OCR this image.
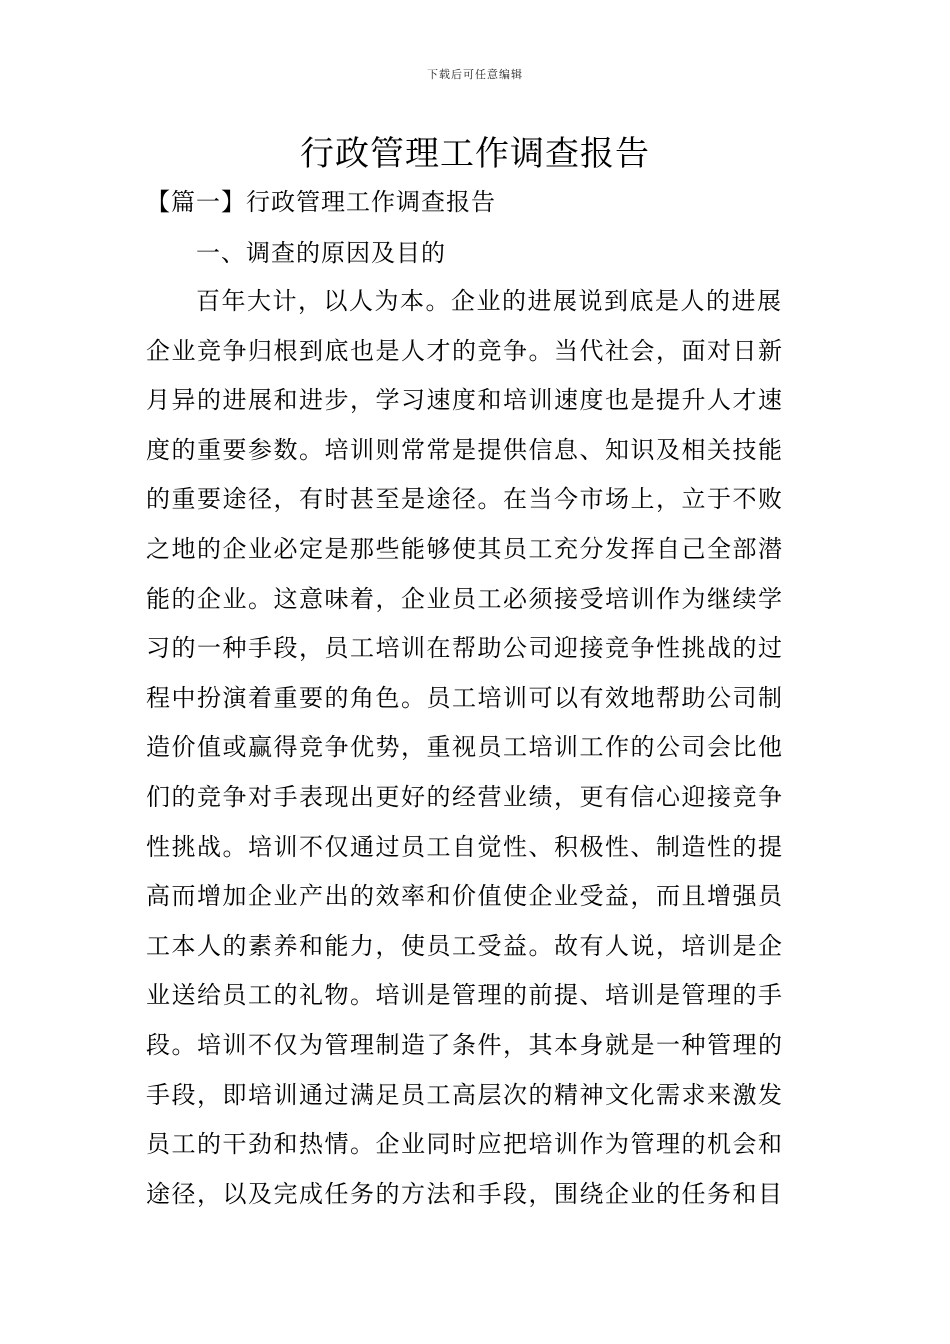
下载后可任意编辑
行政管理工作调查报告
【篇一】行政管理工作调查报告
一、调查的原因及目的
百年大计，以人为本。企业的进展说到底是人的进展
企业竞争归根到底也是人才的竞争。当代社会，面对日新
月异的进展和进步，学习速度和培训速度也是提升人才速
度的重要参数。培训则常常是提供信息、知识及相关技能
的重要途径，有时甚至是途径。在当今市场上，立于不败
之地的企业必定是那些能够使其员工充分发挥自己全部潜
能的企业。这意味着，企业员工必须接受培训作为继续学
习的一种手段，员工培训在帮助公司迎接竞争性挑战的过
程中扮演着重要的角色。员工培训可以有效地帮助公司制
造价值或赢得竞争优势，重视员工培训工作的公司会比他
们的竞争对手表现出更好的经营业绩，更有信心迎接竞争
性挑战。培训不仅通过员工自觉性、积极性、制造性的提
高而增加企业产出的效率和价值使企业受益，而且增强员
工本人的素养和能力，使员工受益。故有人说，培训是企
业送给员工的礼物。培训是管理的前提、培训是管理的手
段。培训不仅为管理制造了条件，其本身就是一种管理的
手段，即培训通过满足员工高层次的精神文化需求来激发
员工的干劲和热情。企业同时应把培训作为管理的机会和
途径，以及完成任务的方法和手段，围绕企业的任务和目
